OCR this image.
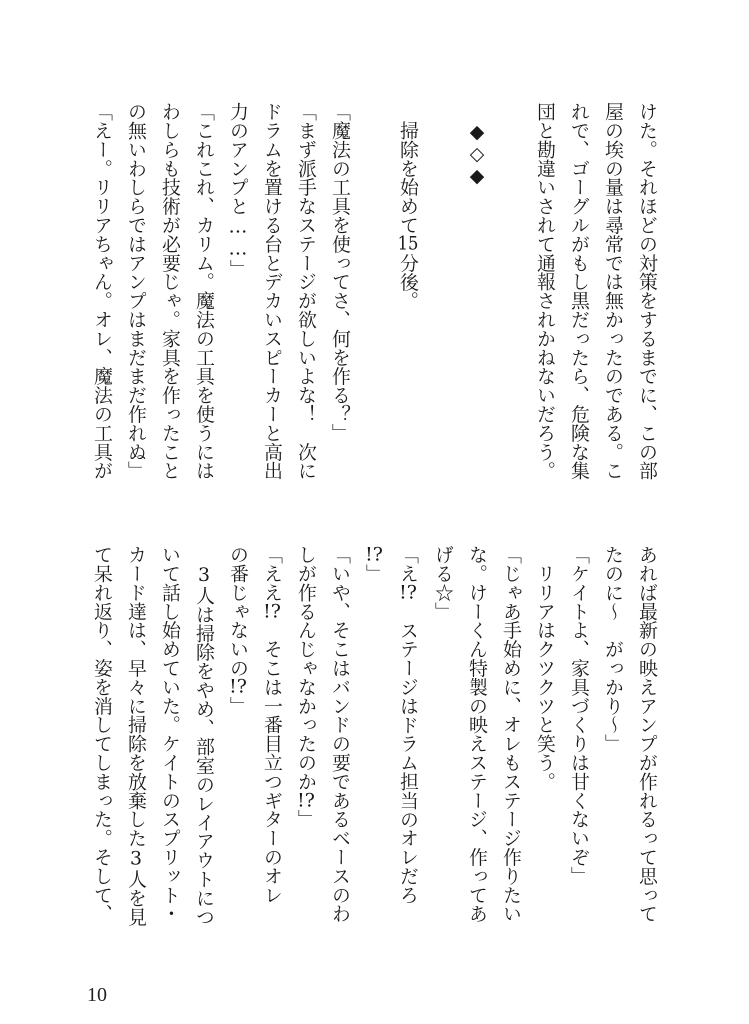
けた。それほどの対策をするまでに、この部
屋の埃の量は尋常では無かったのである。こ
れで、ゴーグルがもし黒だったら、危険な集
団と勘違いされて通報されかねないだろう。
　◆◇◆
　掃除を始めて15分後。
「魔法の工具を使ってさ、何を作る？」
「まず派手なステージが欲しいよな！　次に
ドラムを置ける台とデカいスピーカーと高出
力のアンプと……」
「これこれ、カリム。魔法の工具を使うには
わしらも技術が必要じゃ。家具を作ったこと
の無いわしらではアンプはまだまだ作れぬ」
「えー。リリアちゃん。オレ、魔法の工具が
あれば最新の映えアンプが作れるって思って
たのに～　がっかり～」
「ケイトよ、家具づくりは甘くないぞ」
　リリアはクツクツと笑う。
「じゃあ手始めに、オレもステージ作りたい
な。けーくん特製の映えステージ、作ってあ
げる☆」
「え!?　ステージはドラム担当のオレだろ
!?」
「いや、そこはバンドの要であるベースのわ
しが作るんじゃなかったのか!?」
「ええ!?　そこは一番目立つギターのオレ
の番じゃないの!?」
　3人は掃除をやめ、部室のレイアウトにつ
いて話し始めていた。ケイトのスプリット・
カード達は、早々に掃除を放棄した3人を見
て呆れ返り、姿を消してしまった。そして、
10
